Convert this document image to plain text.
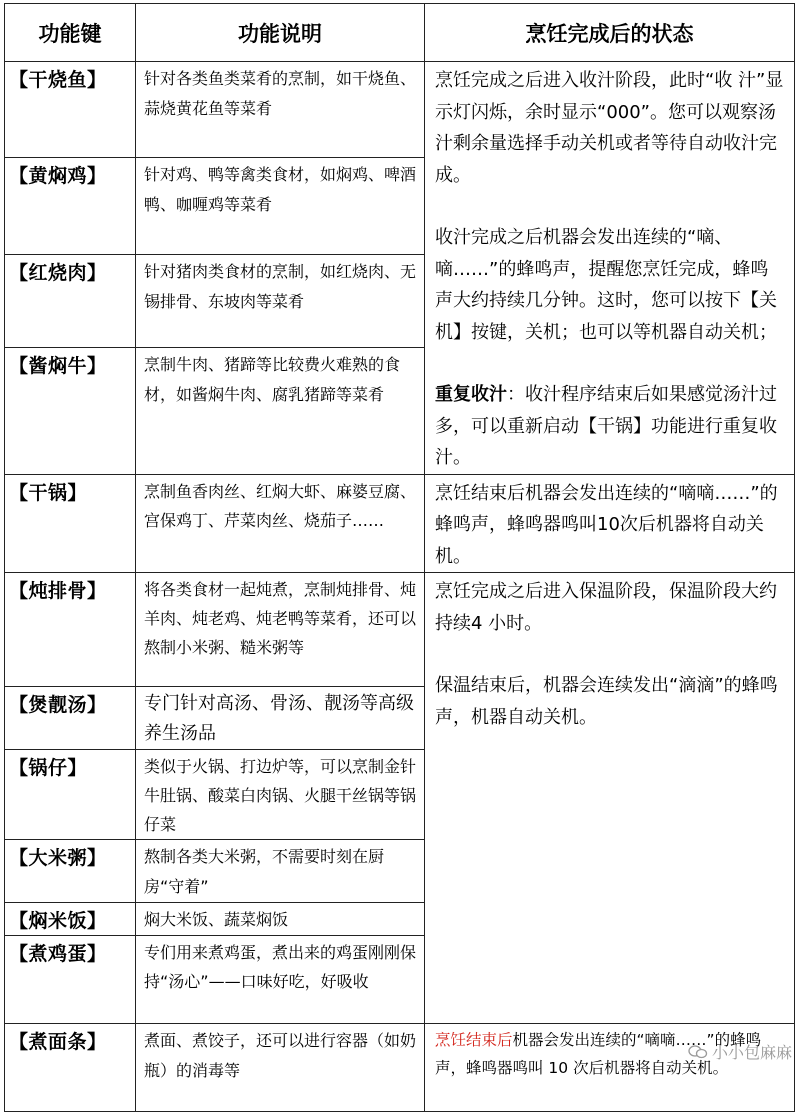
功能键	功能说明	烹饪完成后的状态
【干烧鱼】	针对各类鱼类菜肴的烹制，如干烧鱼、蒜烧黄花鱼等菜肴	烹饪完成之后进入收汁阶段，此时“收 汁”显示灯闪烁，余时显示“000”。您可以观察汤汁剩余量选择手动关机或者等待自动收汁完成。

收汁完成之后机器会发出连续的“嘀、嘀……”的蜂鸣声，提醒您烹饪完成，蜂鸣声大约持续几分钟。这时，您可以按下【关机】按键，关机；也可以等机器自动关机；

重复收汁：收汁程序结束后如果感觉汤汁过多，可以重新启动【干锅】功能进行重复收汁。

【黄焖鸡】	针对鸡、鸭等禽类食材，如焖鸡、啤酒鸭、咖喱鸡等菜肴	
【红烧肉】	针对猪肉类食材的烹制，如红烧肉、无锡排骨、东坡肉等菜肴	
【酱焖牛】	烹制牛肉、猪蹄等比较费火难熟的食材，如酱焖牛肉、腐乳猪蹄等菜肴	
【干锅】	烹制鱼香肉丝、红焖大虾、麻婆豆腐、宫保鸡丁、芹菜肉丝、烧茄子……	烹饪结束后机器会发出连续的“嘀嘀……”的蜂鸣声，蜂鸣器鸣叫10次后机器将自动关机。

【炖排骨】	将各类食材一起炖煮，烹制炖排骨、炖羊肉、炖老鸡、炖老鸭等菜肴，还可以熬制小米粥、糙米粥等	烹饪完成之后进入保温阶段，保温阶段大约持续4 小时。

保温结束后，机器会连续发出“滴滴”的蜂鸣声，机器自动关机。

【煲靓汤】	专门针对高汤、骨汤、靓汤等高级养生汤品	
【锅仔】	类似于火锅、打边炉等，可以烹制金针牛肚锅、酸菜白肉锅、火腿干丝锅等锅仔菜	
【大米粥】	熬制各类大米粥，不需要时刻在厨房“守着”	
【焖米饭】	焖大米饭、蔬菜焖饭	
【煮鸡蛋】	专们用来煮鸡蛋，煮出来的鸡蛋刚刚保持“汤心”——口味好吃，好吸收	
【煮面条】	煮面、煮饺子，还可以进行容器（如奶瓶）的消毒等	烹饪结束后机器会发出连续的“嘀嘀……”的蜂鸣声，蜂鸣器鸣叫 10 次后机器将自动关机。
小小包麻麻
